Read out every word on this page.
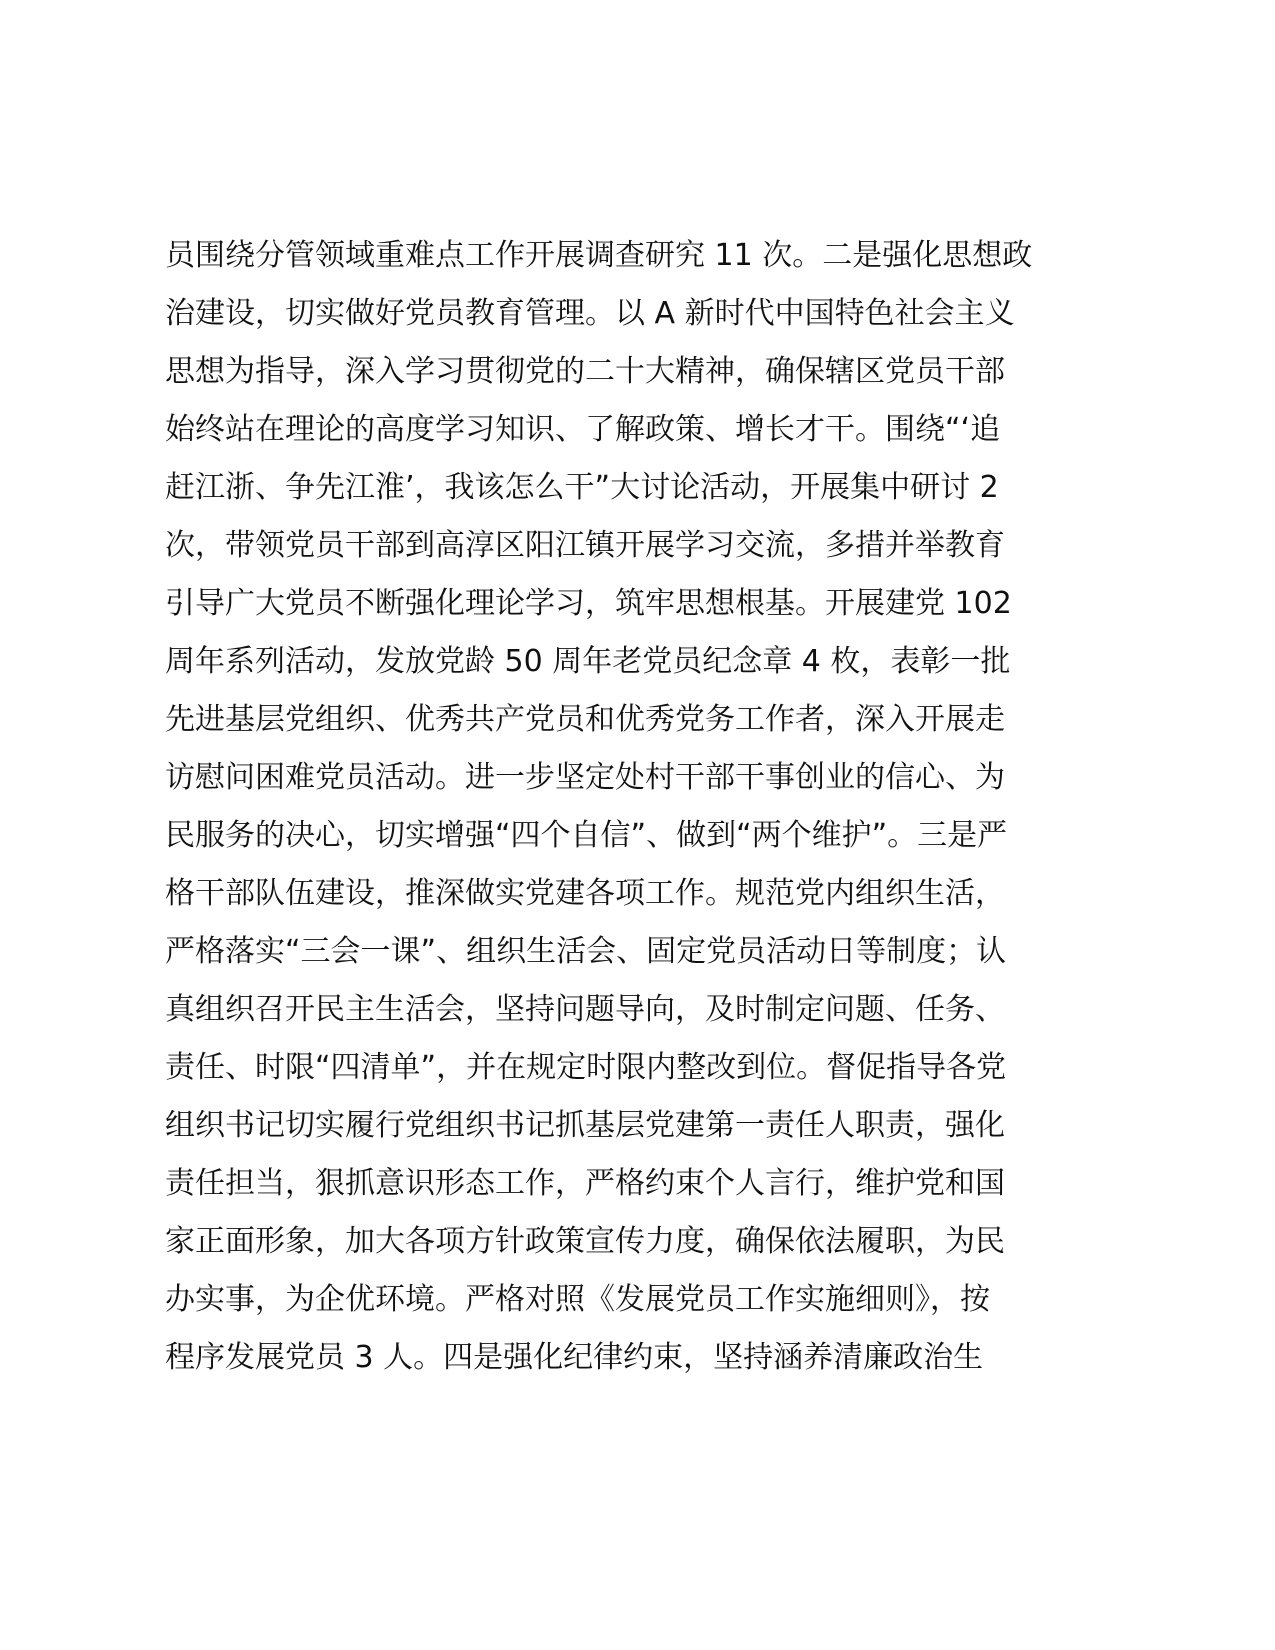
员围绕分管领域重难点工作开展调查研究 11 次。二是强化思想政
治建设，切实做好党员教育管理。以 A 新时代中国特色社会主义
思想为指导，深入学习贯彻党的二十大精神，确保辖区党员干部
始终站在理论的高度学习知识、了解政策、增长才干。围绕“‘追
赶江浙、争先江淮’，我该怎么干”大讨论活动，开展集中研讨 2
次，带领党员干部到高淳区阳江镇开展学习交流，多措并举教育
引导广大党员不断强化理论学习，筑牢思想根基。开展建党 102
周年系列活动，发放党龄 50 周年老党员纪念章 4 枚，表彰一批
先进基层党组织、优秀共产党员和优秀党务工作者，深入开展走
访慰问困难党员活动。进一步坚定处村干部干事创业的信心、为
民服务的决心，切实增强“四个自信”、做到“两个维护”。三是严
格干部队伍建设，推深做实党建各项工作。规范党内组织生活，
严格落实“三会一课”、组织生活会、固定党员活动日等制度；认
真组织召开民主生活会，坚持问题导向，及时制定问题、任务、
责任、时限“四清单”，并在规定时限内整改到位。督促指导各党
组织书记切实履行党组织书记抓基层党建第一责任人职责，强化
责任担当，狠抓意识形态工作，严格约束个人言行，维护党和国
家正面形象，加大各项方针政策宣传力度，确保依法履职，为民
办实事，为企优环境。严格对照《发展党员工作实施细则》，按
程序发展党员 3 人。四是强化纪律约束，坚持涵养清廉政治生
